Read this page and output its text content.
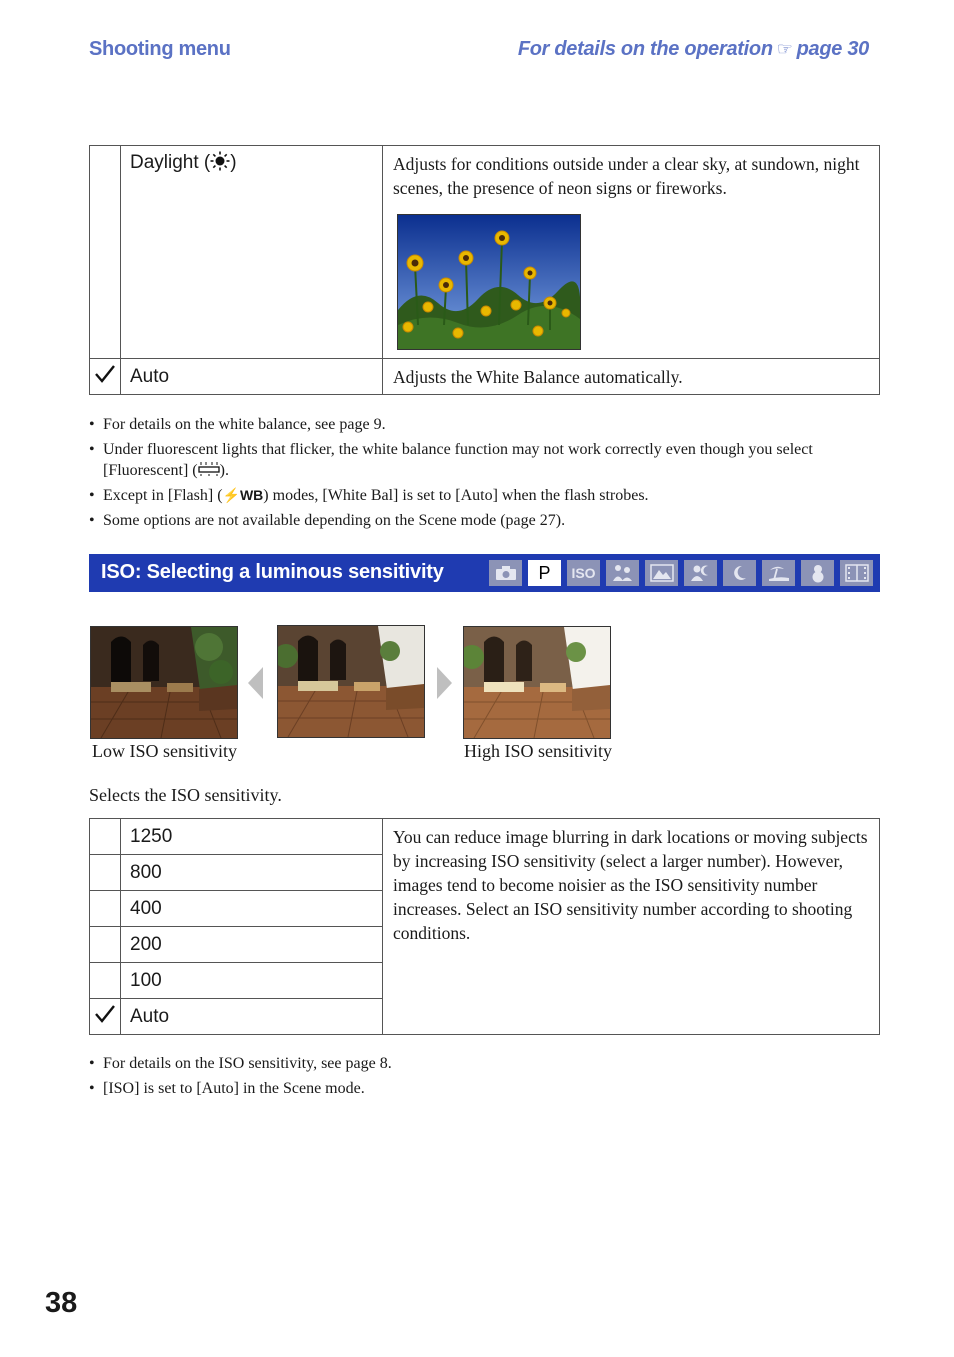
Shooting menu	For details on the operation ☞ page 30
	Daylight ( )	Adjusts for conditions outside under a clear sky, at sundown, night scenes, the presence of neon signs or fireworks.

	Auto	Adjusts the White Balance automatically.
• For details on the white balance, see page 9.
• Under fluorescent lights that flicker, the white balance function may not work correctly even though you select [Fluorescent] ( ).
• Except in [Flash] (⚡WB) modes, [White Bal] is set to [Auto] when the flash strobes.
• Some options are not available depending on the Scene mode (page 27).
ISO: Selecting a luminous sensitivity	P	ISO
Low ISO sensitivity	High ISO sensitivity
Selects the ISO sensitivity.
	1250	You can reduce image blurring in dark locations or moving subjects by increasing ISO sensitivity (select a larger number). However, images tend to become noisier as the ISO sensitivity number increases. Select an ISO sensitivity number according to shooting conditions.
	800	
	400	
	200	
	100	

	Auto	
• For details on the ISO sensitivity, see page 8.
• [ISO] is set to [Auto] in the Scene mode.
38
